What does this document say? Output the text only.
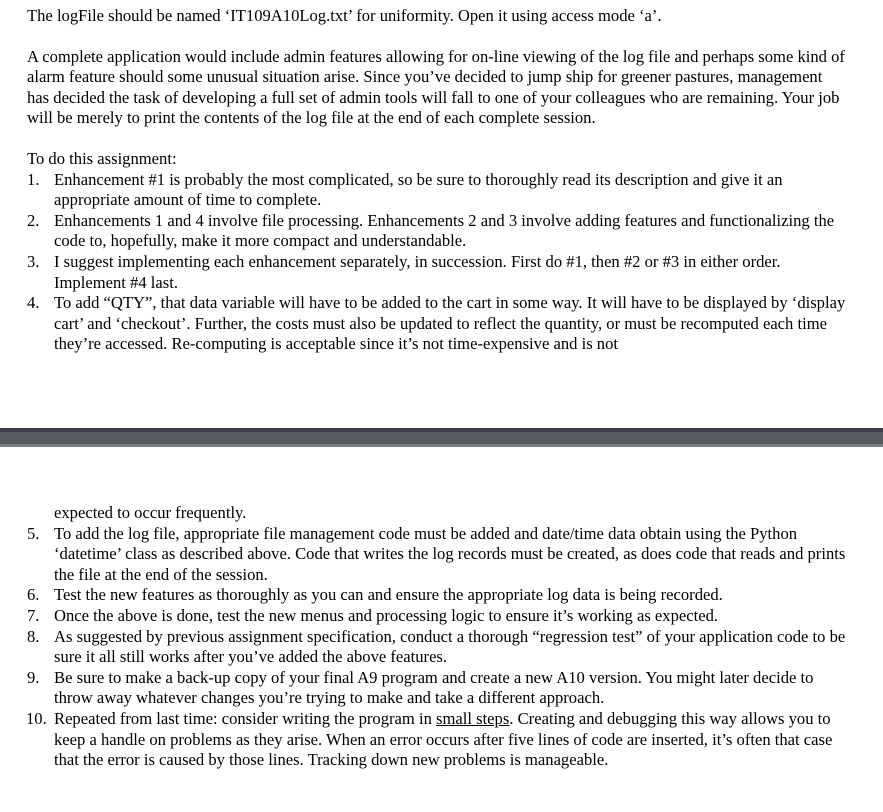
The logFile should be named ‘IT109A10Log.txt’ for uniformity. Open it using access mode ‘a’.

A complete application would include admin features allowing for on-line viewing of the log file and perhaps some kind of alarm feature should some unusual situation arise. Since you’ve decided to jump ship for greener pastures, management has decided the task of developing a full set of admin tools will fall to one of your colleagues who are remaining. Your job will be merely to print the contents of the log file at the end of each complete session.

To do this assignment:

1. Enhancement #1 is probably the most complicated, so be sure to thoroughly read its description and give it an appropriate amount of time to complete.
2. Enhancements 1 and 4 involve file processing. Enhancements 2 and 3 involve adding features and functionalizing the code to, hopefully, make it more compact and understandable.
3. I suggest implementing each enhancement separately, in succession. First do #1, then #2 or #3 in either order. Implement #4 last.
4. To add “QTY”, that data variable will have to be added to the cart in some way. It will have to be displayed by ‘display cart’ and ‘checkout’. Further, the costs must also be updated to reflect the quantity, or must be recomputed each time they’re accessed. Re-computing is acceptable since it’s not time-expensive and is not

expected to occur frequently.

5. To add the log file, appropriate file management code must be added and date/time data obtain using the Python ‘datetime’ class as described above. Code that writes the log records must be created, as does code that reads and prints the file at the end of the session.
6. Test the new features as thoroughly as you can and ensure the appropriate log data is being recorded.
7. Once the above is done, test the new menus and processing logic to ensure it’s working as expected.
8. As suggested by previous assignment specification, conduct a thorough “regression test” of your application code to be sure it all still works after you’ve added the above features.
9. Be sure to make a back-up copy of your final A9 program and create a new A10 version. You might later decide to throw away whatever changes you’re trying to make and take a different approach.
10. Repeated from last time: consider writing the program in small steps. Creating and debugging this way allows you to keep a handle on problems as they arise. When an error occurs after five lines of code are inserted, it’s often that case that the error is caused by those lines. Tracking down new problems is manageable.
